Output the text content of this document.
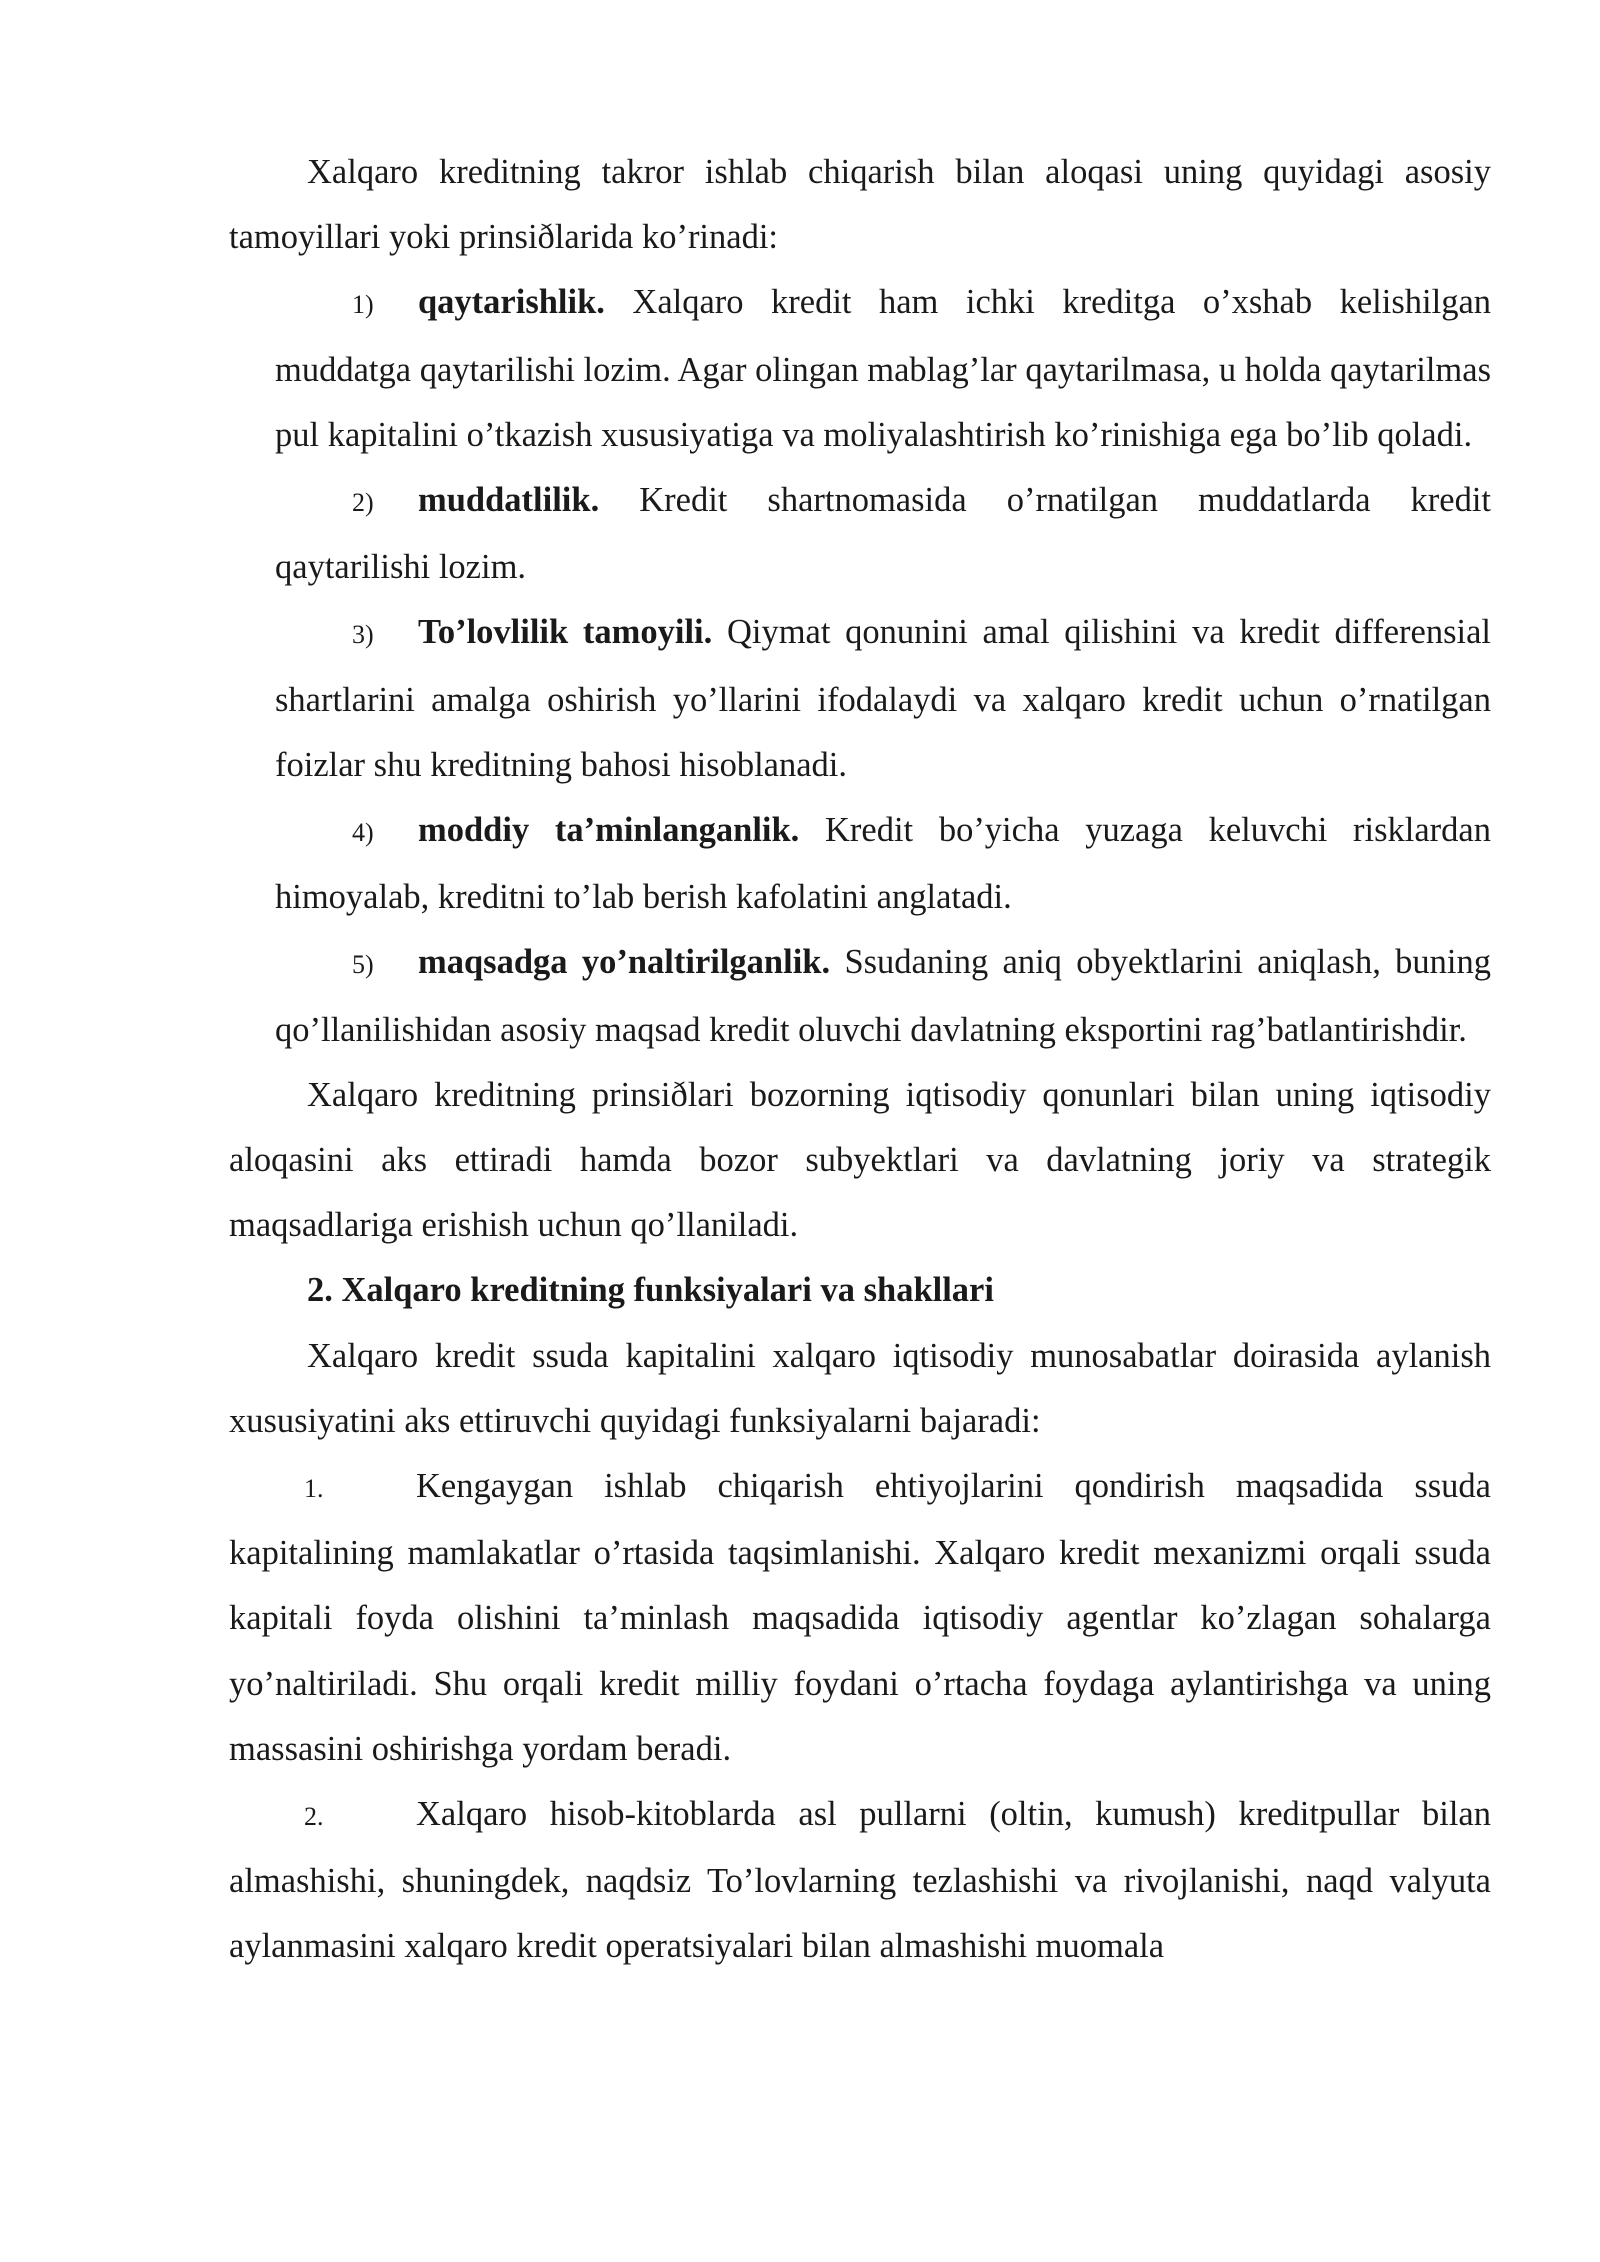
Xalqaro kreditning takror ishlab chiqarish bilan aloqasi uning quyidagi asosiy tamoyillari yoki prinsiðlarida ko’rinadi:

1) qaytarishlik. Xalqaro kredit ham ichki kreditga o’xshab kelishilgan muddatga qaytarilishi lozim. Agar olingan mablag’lar qaytarilmasa, u holda qaytarilmas pul kapitalini o’tkazish xususiyatiga va moliyalashtirish ko’rinishiga ega bo’lib qoladi.

2) muddatlilik. Kredit shartnomasida o’rnatilgan muddatlarda kredit qaytarilishi lozim.

3) To’lovlilik tamoyili. Qiymat qonunini amal qilishini va kredit differensial shartlarini amalga oshirish yo’llarini ifodalaydi va xalqaro kredit uchun o’rnatilgan foizlar shu kreditning bahosi hisoblanadi.

4) moddiy ta’minlanganlik. Kredit bo’yicha yuzaga keluvchi risklardan himoyalab, kreditni to’lab berish kafolatini anglatadi.

5) maqsadga yo’naltirilganlik. Ssudaning aniq obyektlarini aniqlash, buning qo’llanilishidan asosiy maqsad kredit oluvchi davlatning eksportini rag’batlantirishdir.

Xalqaro kreditning prinsiðlari bozorning iqtisodiy qonunlari bilan uning iqtisodiy aloqasini aks ettiradi hamda bozor subyektlari va davlatning joriy va strategik maqsadlariga erishish uchun qo’llaniladi.

2. Xalqaro kreditning funksiyalari va shakllari

Xalqaro kredit ssuda kapitalini xalqaro iqtisodiy munosabatlar doirasida aylanish xususiyatini aks ettiruvchi quyidagi funksiyalarni bajaradi:

1.	Kengaygan ishlab chiqarish ehtiyojlarini qondirish maqsadida ssuda kapitalining mamlakatlar o’rtasida taqsimlanishi. Xalqaro kredit mexanizmi orqali ssuda kapitali foyda olishini ta’minlash maqsadida iqtisodiy agentlar ko’zlagan sohalarga yo’naltiriladi. Shu orqali kredit milliy foydani o’rtacha foydaga aylantirishga va uning massasini oshirishga yordam beradi.

2.	Xalqaro hisob-kitoblarda asl pullarni (oltin, kumush) kreditpullar bilan almashishi, shuningdek, naqdsiz To’lovlarning tezlashishi va rivojlanishi, naqd valyuta aylanmasini xalqaro kredit operatsiyalari bilan almashishi muomala
